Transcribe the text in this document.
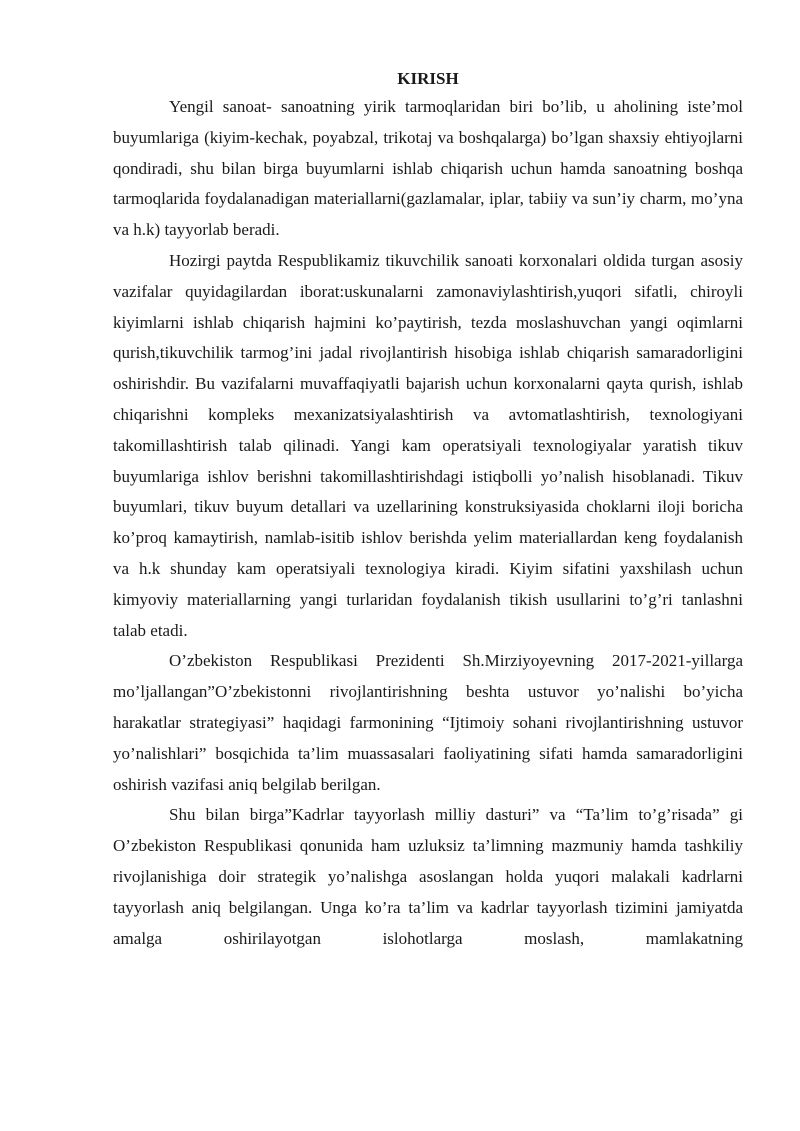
KIRISH

Yengil sanoat- sanoatning yirik tarmoqlaridan biri bo’lib, u aholining iste’mol buyumlariga (kiyim-kechak, poyabzal, trikotaj va boshqalarga) bo’lgan shaxsiy ehtiyojlarni qondiradi, shu bilan birga buyumlarni ishlab chiqarish uchun hamda sanoatning boshqa tarmoqlarida foydalanadigan materiallarni(gazlamalar, iplar, tabiiy va sun’iy charm, mo’yna va h.k) tayyorlab beradi.

Hozirgi paytda Respublikamiz tikuvchilik sanoati korxonalari oldida turgan asosiy vazifalar quyidagilardan iborat:uskunalarni zamonaviylashtirish,yuqori sifatli, chiroyli kiyimlarni ishlab chiqarish hajmini ko’paytirish, tezda moslashuvchan yangi oqimlarni qurish,tikuvchilik tarmog’ini jadal rivojlantirish hisobiga ishlab chiqarish samaradorligini oshirishdir. Bu vazifalarni muvaffaqiyatli bajarish uchun korxonalarni qayta qurish, ishlab chiqarishni kompleks mexanizatsiyalashtirish va avtomatlashtirish, texnologiyani takomillashtirish talab qilinadi. Yangi kam operatsiyali texnologiyalar yaratish tikuv buyumlariga ishlov berishni takomillashtirishdagi istiqbolli yo’nalish hisoblanadi. Tikuv buyumlari, tikuv buyum detallari va uzellarining konstruksiyasida choklarni iloji boricha ko’proq kamaytirish, namlab-isitib ishlov berishda yelim materiallardan keng foydalanish va h.k shunday kam operatsiyali texnologiya kiradi. Kiyim sifatini yaxshilash uchun kimyoviy materiallarning yangi turlaridan foydalanish tikish usullarini to’g’ri tanlashni talab etadi.

O’zbekiston Respublikasi Prezidenti Sh.Mirziyoyevning 2017-2021-yillarga mo’ljallangan”O’zbekistonni rivojlantirishning beshta ustuvor yo’nalishi bo’yicha harakatlar strategiyasi” haqidagi farmonining “Ijtimoiy sohani rivojlantirishning ustuvor yo’nalishlari” bosqichida ta’lim muassasalari faoliyatining sifati hamda samaradorligini oshirish vazifasi aniq belgilab berilgan.

Shu bilan birga”Kadrlar tayyorlash milliy dasturi” va “Ta’lim to’g’risada” gi O’zbekiston Respublikasi qonunida ham uzluksiz ta’limning mazmuniy hamda tashkiliy rivojlanishiga doir strategik yo’nalishga asoslangan holda yuqori malakali kadrlarni tayyorlash aniq belgilangan. Unga ko’ra ta’lim va kadrlar tayyorlash tizimini jamiyatda amalga oshirilayotgan islohotlarga moslash, mamlakatning
